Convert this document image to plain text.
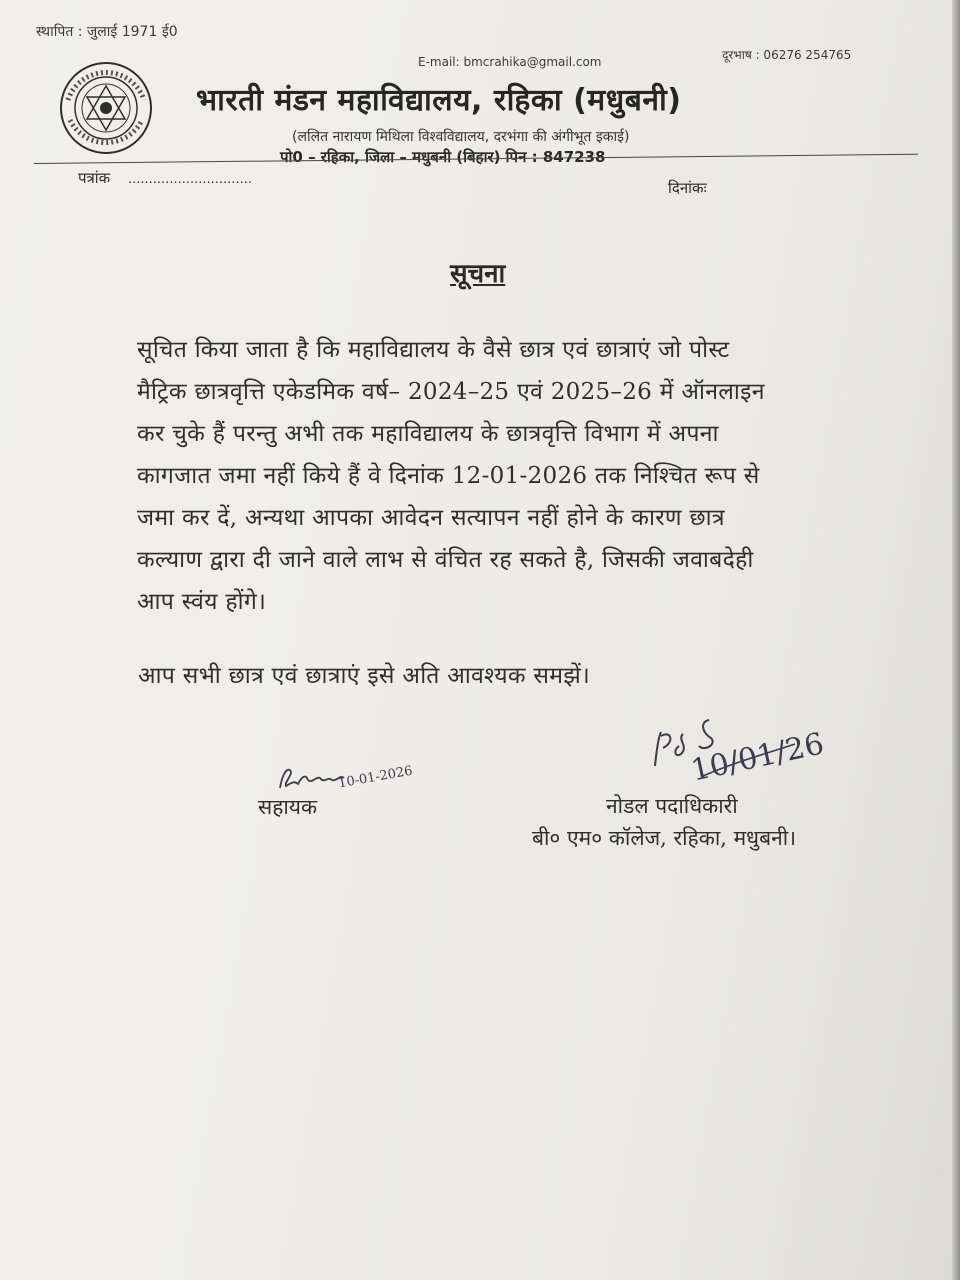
स्थापित : जुलाई 1971 ई0
E-mail: bmcrahika@gmail.com	दूरभाष : 06276 254765
भारती मंडन महाविद्यालय, रहिका (मधुबनी)
(ललित नारायण मिथिला विश्वविद्यालय, दरभंगा की अंगीभूत इकाई)
पो0 – रहिका, जिला – मधुबनी (बिहार) पिन : 847238
पत्रांक ..............................	दिनांकः
सूचना
सूचित किया जाता है कि महाविद्यालय के वैसे छात्र एवं छात्राएं जो पोस्ट
मैट्रिक छात्रवृत्ति एकेडमिक वर्ष– 2024–25 एवं 2025–26 में ऑनलाइन
कर चुके हैं परन्तु अभी तक महाविद्यालय के छात्रवृत्ति विभाग में अपना
कागजात जमा नहीं किये हैं वे दिनांक 12-01-2026 तक निश्चित रूप से
जमा कर दें, अन्यथा आपका आवेदन सत्यापन नहीं होने के कारण छात्र
कल्याण द्वारा दी जाने वाले लाभ से वंचित रह सकते है, जिसकी जवाबदेही
आप स्वंय होंगे।
आप सभी छात्र एवं छात्राएं इसे अति आवश्यक समझें।
10-01-2026
सहायक
10/01/26
नोडल पदाधिकारी
बी० एम० कॉलेज, रहिका, मधुबनी।
